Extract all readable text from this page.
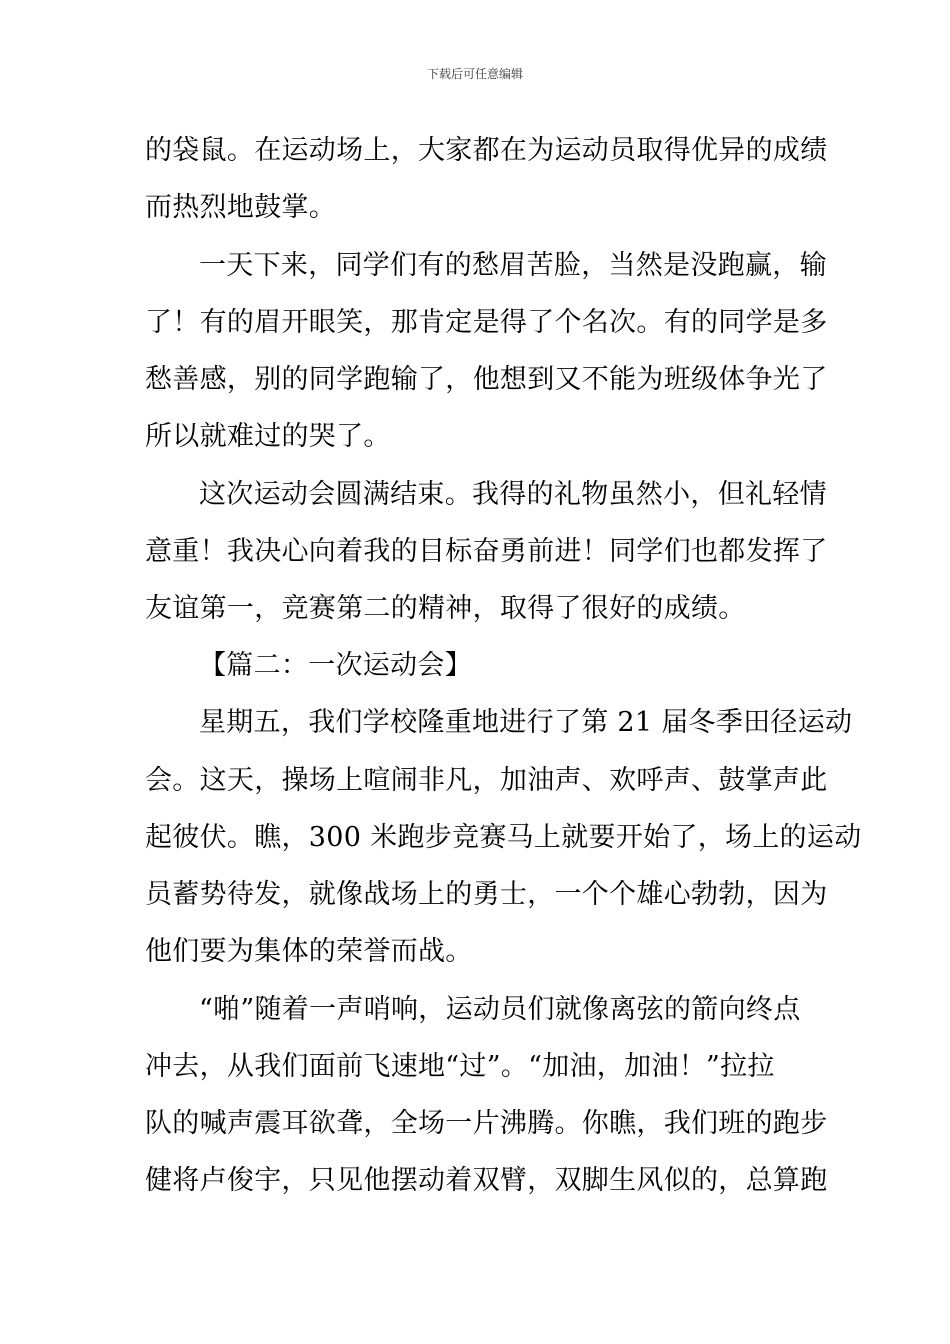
下载后可任意编辑
的袋鼠。在运动场上，大家都在为运动员取得优异的成绩
而热烈地鼓掌。
一天下来，同学们有的愁眉苦脸，当然是没跑赢，输
了！有的眉开眼笑，那肯定是得了个名次。有的同学是多
愁善感，别的同学跑输了，他想到又不能为班级体争光了
所以就难过的哭了。
这次运动会圆满结束。我得的礼物虽然小，但礼轻情
意重！我决心向着我的目标奋勇前进！同学们也都发挥了
友谊第一，竞赛第二的精神，取得了很好的成绩。
【篇二：一次运动会】
星期五，我们学校隆重地进行了第 21 届冬季田径运动
会。这天，操场上喧闹非凡，加油声、欢呼声、鼓掌声此
起彼伏。瞧，300 米跑步竞赛马上就要开始了，场上的运动
员蓄势待发，就像战场上的勇士，一个个雄心勃勃，因为
他们要为集体的荣誉而战。
“啪”随着一声哨响，运动员们就像离弦的箭向终点
冲去，从我们面前飞速地“过”。“加油，加油！”拉拉
队的喊声震耳欲聋，全场一片沸腾。你瞧，我们班的跑步
健将卢俊宇，只见他摆动着双臂，双脚生风似的，总算跑
